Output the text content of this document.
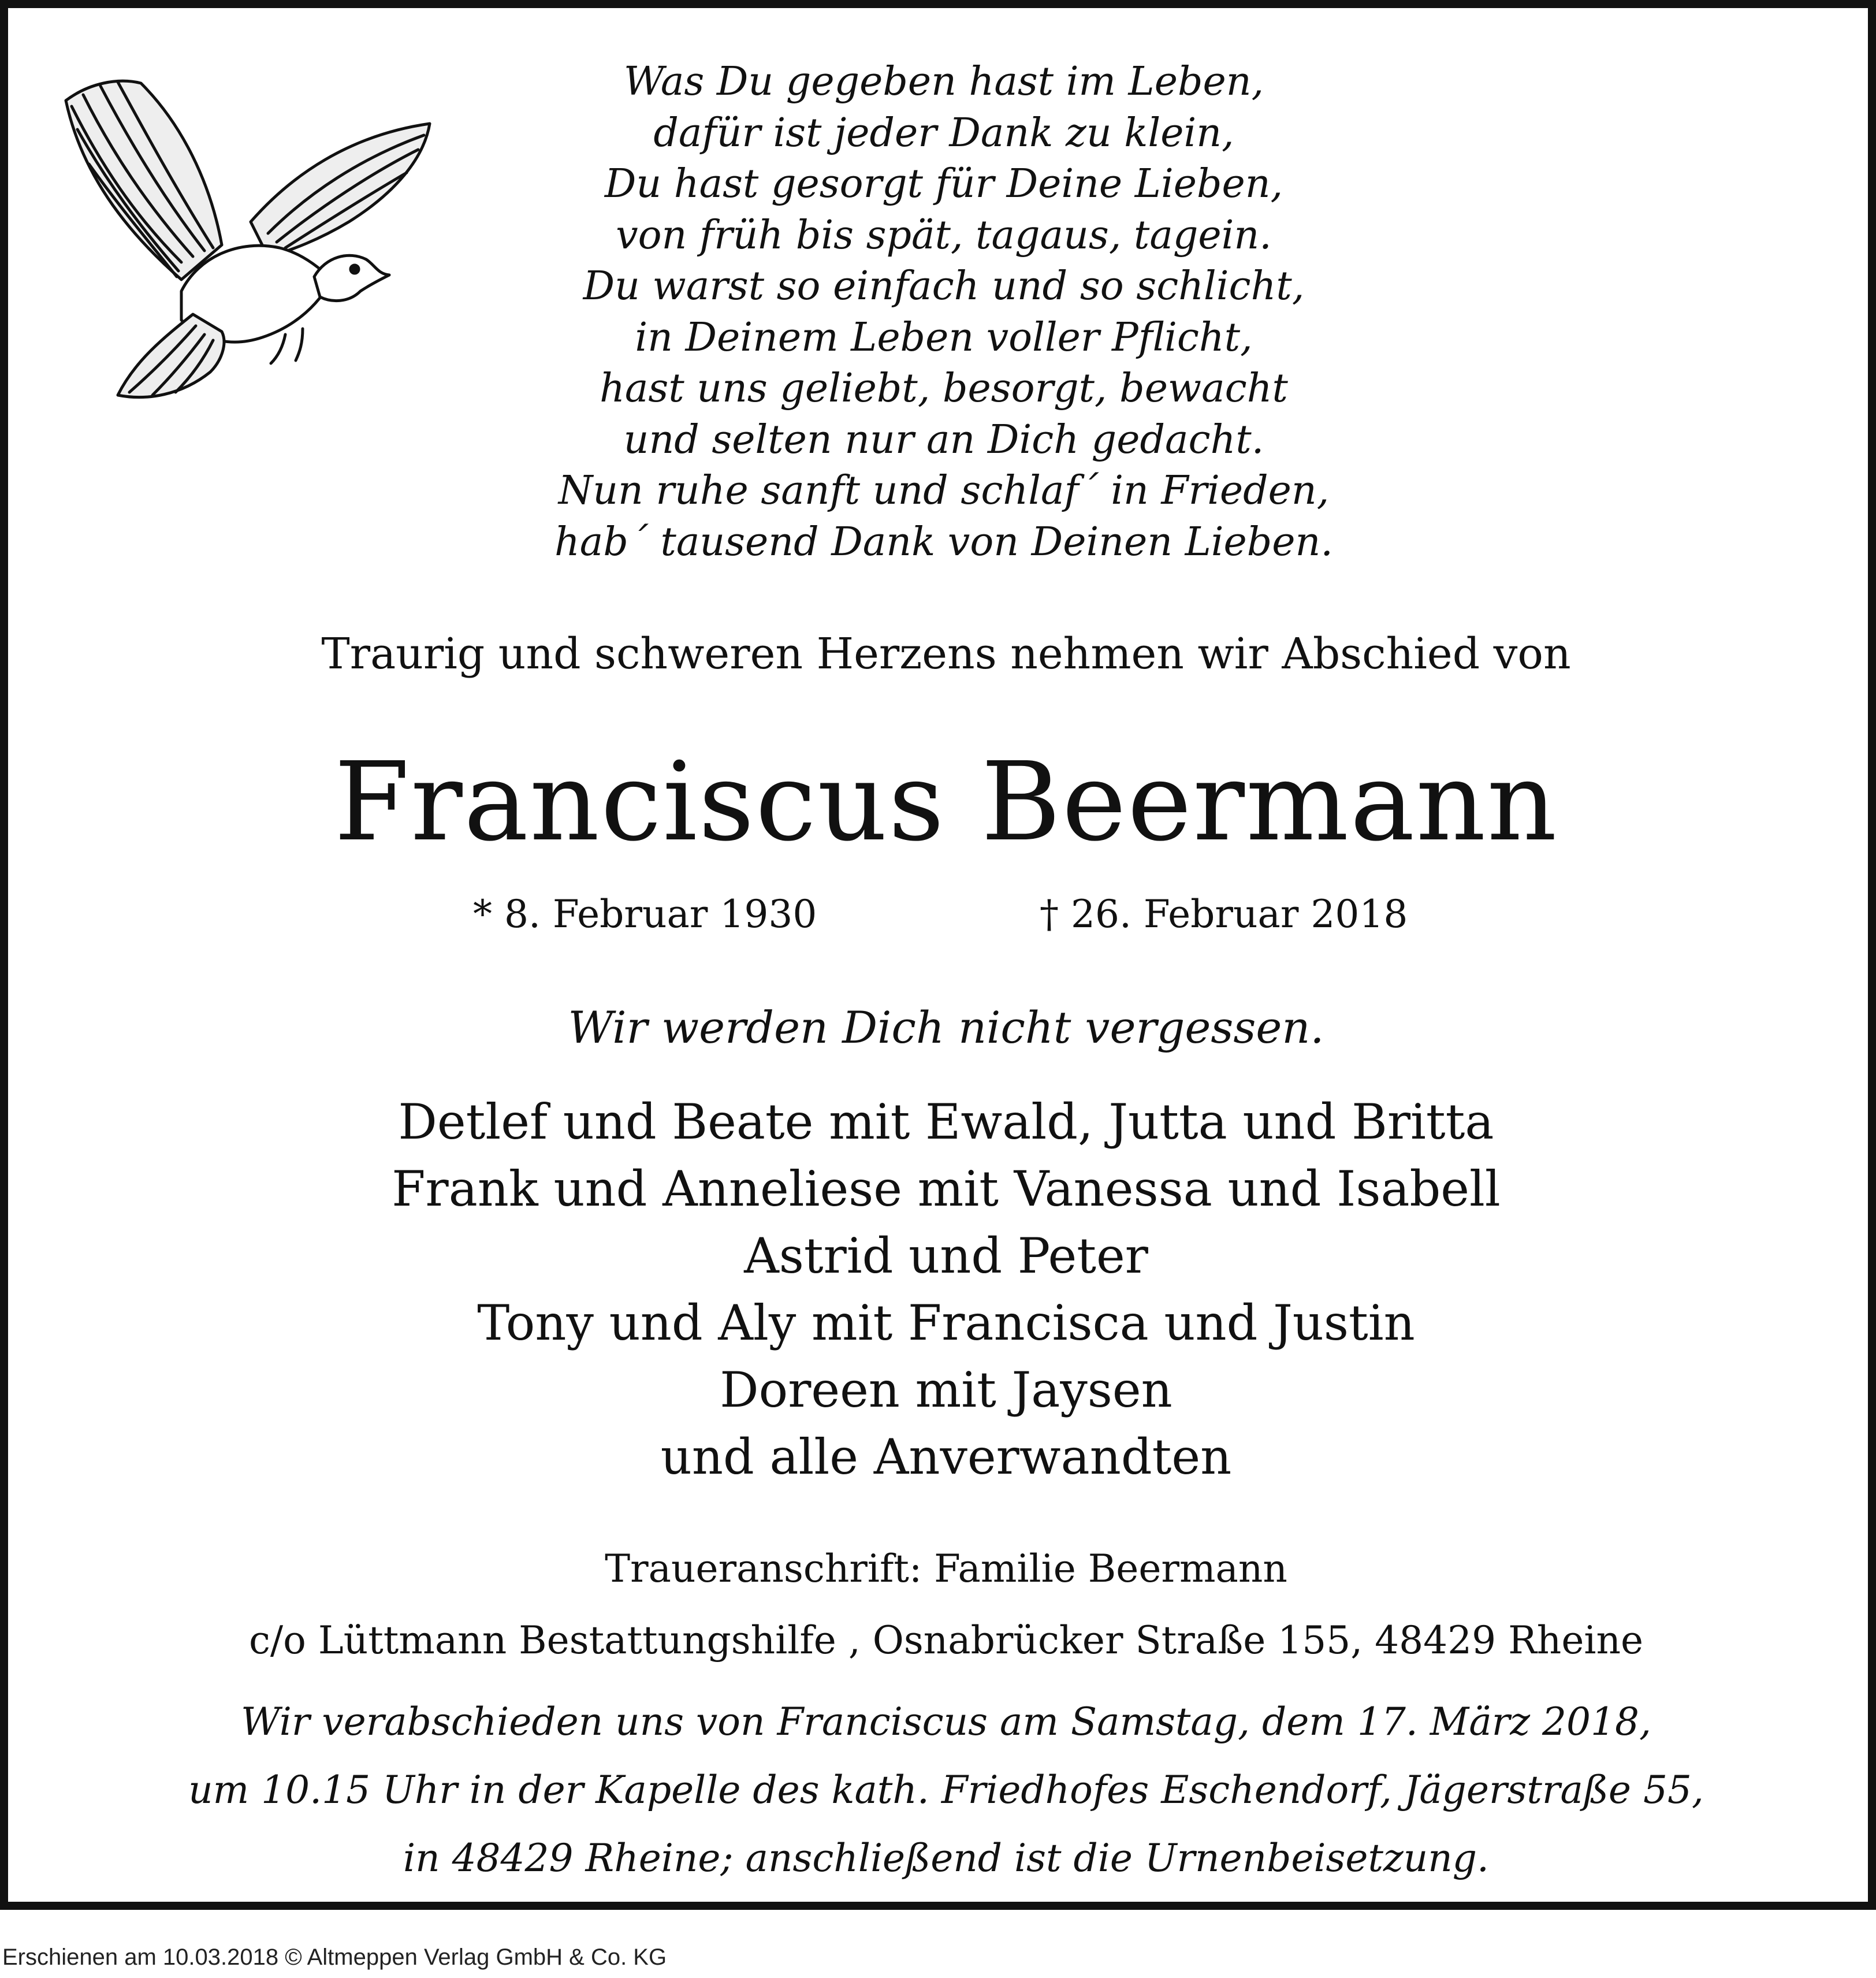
Was Du gegeben hast im Leben,
dafür ist jeder Dank zu klein,
Du hast gesorgt für Deine Lieben,
von früh bis spät, tagaus, tagein.
Du warst so einfach und so schlicht,
in Deinem Leben voller Pflicht,
hast uns geliebt, besorgt, bewacht
und selten nur an Dich gedacht.
Nun ruhe sanft und schlaf´ in Frieden,
hab´ tausend Dank von Deinen Lieben.
Traurig und schweren Herzens nehmen wir Abschied von
Franciscus Beermann
* 8. Februar 1930	† 26. Februar 2018
Wir werden Dich nicht vergessen.
Detlef und Beate mit Ewald, Jutta und Britta
Frank und Anneliese mit Vanessa und Isabell
Astrid und Peter
Tony und Aly mit Francisca und Justin
Doreen mit Jaysen
und alle Anverwandten
Traueranschrift: Familie Beermann
c/o Lüttmann Bestattungshilfe , Osnabrücker Straße 155, 48429 Rheine
Wir verabschieden uns von Franciscus am Samstag, dem 17. März 2018,
um 10.15 Uhr in der Kapelle des kath. Friedhofes Eschendorf, Jägerstraße 55,
in 48429 Rheine; anschließend ist die Urnenbeisetzung.
Erschienen am 10.03.2018 © Altmeppen Verlag GmbH & Co. KG
